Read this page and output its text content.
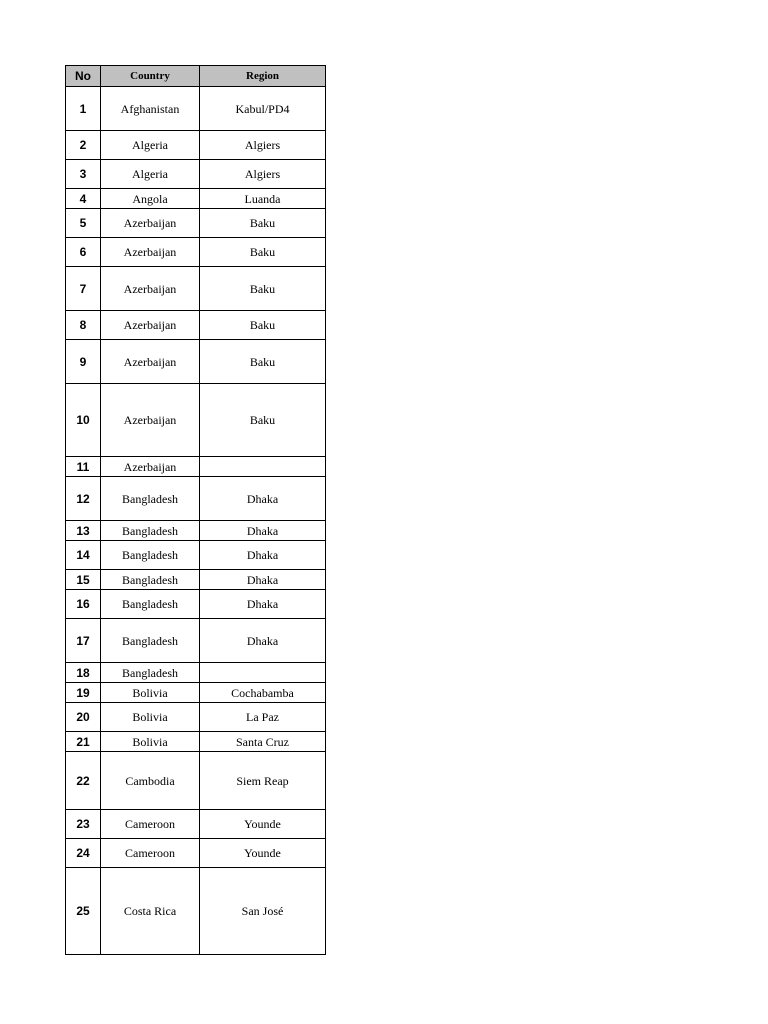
No	Country	Region
1	Afghanistan	Kabul/PD4
2	Algeria	Algiers
3	Algeria	Algiers
4	Angola	Luanda
5	Azerbaijan	Baku
6	Azerbaijan	Baku
7	Azerbaijan	Baku
8	Azerbaijan	Baku
9	Azerbaijan	Baku
10	Azerbaijan	Baku
11	Azerbaijan	
12	Bangladesh	Dhaka
13	Bangladesh	Dhaka
14	Bangladesh	Dhaka
15	Bangladesh	Dhaka
16	Bangladesh	Dhaka
17	Bangladesh	Dhaka
18	Bangladesh	
19	Bolivia	Cochabamba
20	Bolivia	La Paz
21	Bolivia	Santa Cruz
22	Cambodia	Siem Reap
23	Cameroon	Younde
24	Cameroon	Younde
25	Costa Rica	San José
